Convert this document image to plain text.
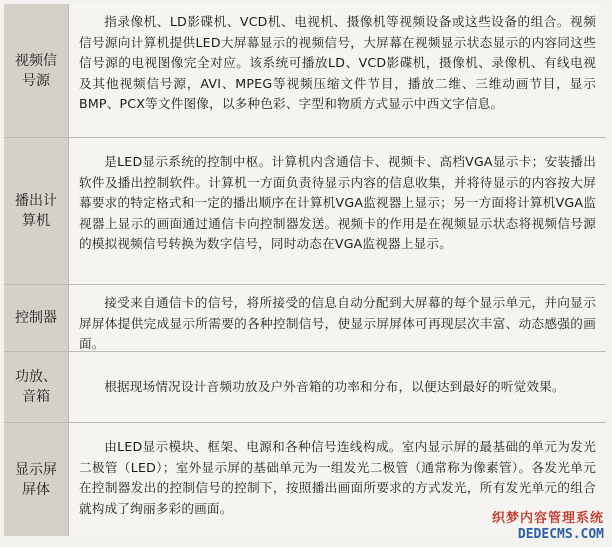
视频信号源
指录像机、LD影碟机、VCD机、电视机、摄像机等视频设备或这些设备的组合。视频信号源向计算机提供LED大屏幕显示的视频信号，大屏幕在视频显示状态显示的内容同这些信号源的电视图像完全对应。该系统可播放LD、VCD影碟机，摄像机、录像机、有线电视及其他视频信号源，AVI、MPEG等视频压缩文件节目，播放二维、三维动画节目，显示BMP、PCX等文件图像，以多种色彩、字型和物质方式显示中西文字信息。
播出计算机
是LED显示系统的控制中枢。计算机内含通信卡、视频卡、高档VGA显示卡；安装播出软件及播出控制软件。计算机一方面负责待显示内容的信息收集，并将待显示的内容按大屏幕要求的特定格式和一定的播出顺序在计算机VGA监视器上显示；另一方面将计算机VGA监视器上显示的画面通过通信卡向控制器发送。视频卡的作用是在视频显示状态将视频信号源的模拟视频信号转换为数字信号，同时动态在VGA监视器上显示。
控制器
接受来自通信卡的信号，将所接受的信息自动分配到大屏幕的每个显示单元，并向显示屏屏体提供完成显示所需要的各种控制信号，使显示屏屏体可再现层次丰富、动态感强的画面。
功放、音箱
根据现场情况设计音频功放及户外音箱的功率和分布，以便达到最好的听觉效果。
显示屏屏体
由LED显示模块、框架、电源和各种信号连线构成。室内显示屏的最基础的单元为发光二极管（LED）；室外显示屏的基础单元为一组发光二极管（通常称为像素管）。各发光单元在控制器发出的控制信号的控制下，按照播出画面所要求的方式发光，所有发光单元的组合就构成了绚丽多彩的画面。
织梦内容管理系统
DEDECMS.COM
